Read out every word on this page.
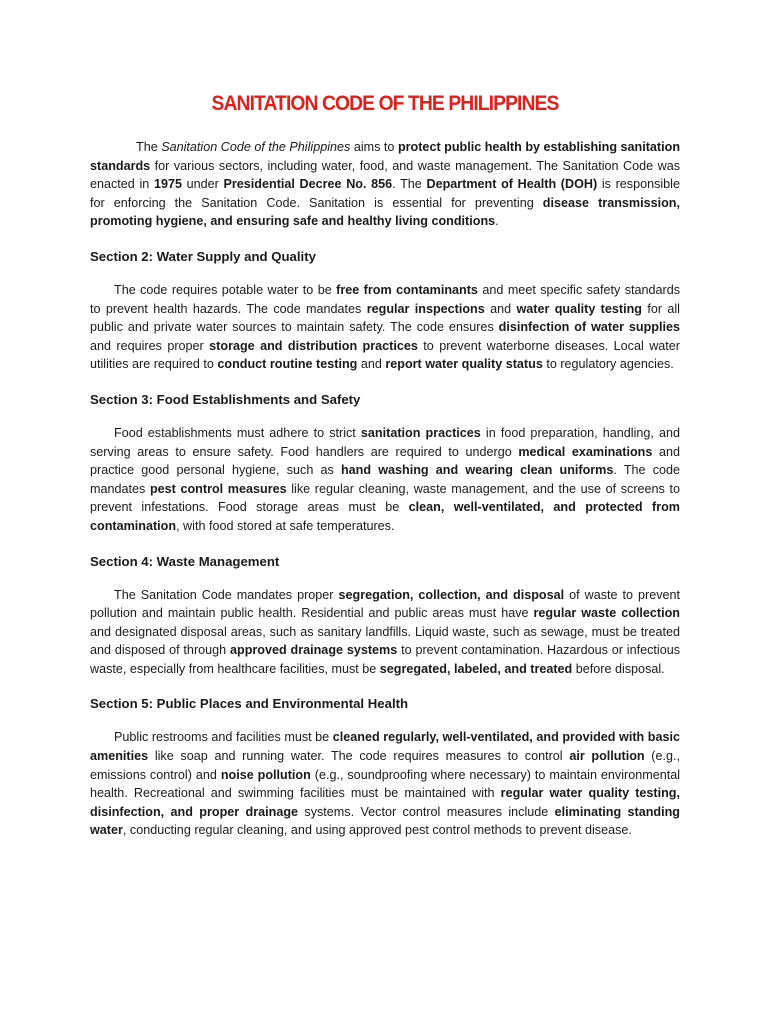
SANITATION CODE OF THE PHILIPPINES

The Sanitation Code of the Philippines aims to protect public health by establishing sanitation standards for various sectors, including water, food, and waste management. The Sanitation Code was enacted in 1975 under Presidential Decree No. 856. The Department of Health (DOH) is responsible for enforcing the Sanitation Code. Sanitation is essential for preventing disease transmission, promoting hygiene, and ensuring safe and healthy living conditions.

Section 2: Water Supply and Quality

The code requires potable water to be free from contaminants and meet specific safety standards to prevent health hazards. The code mandates regular inspections and water quality testing for all public and private water sources to maintain safety. The code ensures disinfection of water supplies and requires proper storage and distribution practices to prevent waterborne diseases. Local water utilities are required to conduct routine testing and report water quality status to regulatory agencies.

Section 3: Food Establishments and Safety

Food establishments must adhere to strict sanitation practices in food preparation, handling, and serving areas to ensure safety. Food handlers are required to undergo medical examinations and practice good personal hygiene, such as hand washing and wearing clean uniforms. The code mandates pest control measures like regular cleaning, waste management, and the use of screens to prevent infestations. Food storage areas must be clean, well-ventilated, and protected from contamination, with food stored at safe temperatures.

Section 4: Waste Management

The Sanitation Code mandates proper segregation, collection, and disposal of waste to prevent pollution and maintain public health. Residential and public areas must have regular waste collection and designated disposal areas, such as sanitary landfills. Liquid waste, such as sewage, must be treated and disposed of through approved drainage systems to prevent contamination. Hazardous or infectious waste, especially from healthcare facilities, must be segregated, labeled, and treated before disposal.

Section 5: Public Places and Environmental Health

Public restrooms and facilities must be cleaned regularly, well-ventilated, and provided with basic amenities like soap and running water. The code requires measures to control air pollution (e.g., emissions control) and noise pollution (e.g., soundproofing where necessary) to maintain environmental health. Recreational and swimming facilities must be maintained with regular water quality testing, disinfection, and proper drainage systems. Vector control measures include eliminating standing water, conducting regular cleaning, and using approved pest control methods to prevent disease.
